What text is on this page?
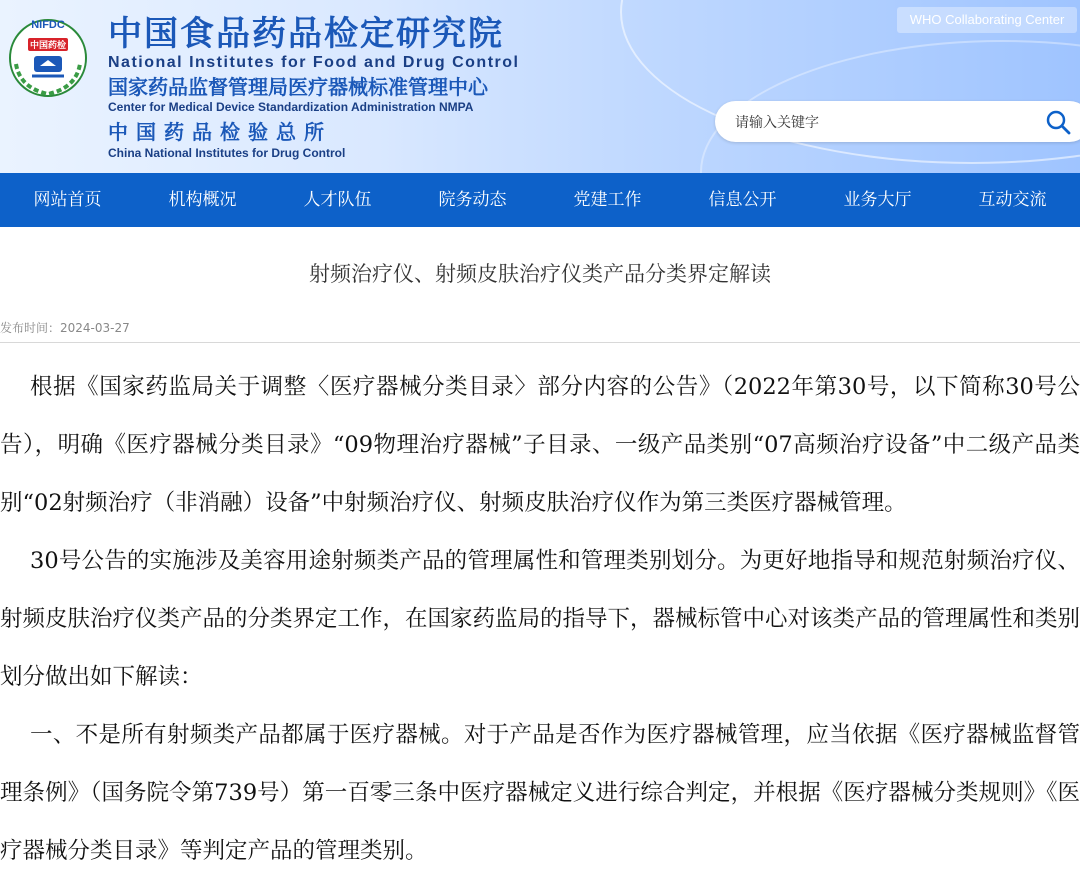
NIFDC
中国药检 中国食品药品检定研究院
National Institutes for Food and Drug Control
国家药品监督管理局医疗器械标准管理中心
Center for Medical Device Standardization Administration NMPA
中国药品检验总所
China National Institutes for Drug Control
WHO Collaborating Center
请输入关键字
网站首页	机构概况	人才队伍	院务动态	党建工作	信息公开	业务大厅	互动交流
射频治疗仪、射频皮肤治疗仪类产品分类界定解读
发布时间：2024-03-27

根据《国家药监局关于调整〈医疗器械分类目录〉部分内容的公告》（2022年第30号，以下简称30号公告），明确《医疗器械分类目录》“09物理治疗器械”子目录、一级产品类别“07高频治疗设备”中二级产品类别“02射频治疗（非消融）设备”中射频治疗仪、射频皮肤治疗仪作为第三类医疗器械管理。

30号公告的实施涉及美容用途射频类产品的管理属性和管理类别划分。为更好地指导和规范射频治疗仪、射频皮肤治疗仪类产品的分类界定工作，在国家药监局的指导下，器械标管中心对该类产品的管理属性和类别划分做出如下解读：

一、不是所有射频类产品都属于医疗器械。对于产品是否作为医疗器械管理，应当依据《医疗器械监督管理条例》（国务院令第739号）第一百零三条中医疗器械定义进行综合判定，并根据《医疗器械分类规则》《医疗器械分类目录》等判定产品的管理类别。
